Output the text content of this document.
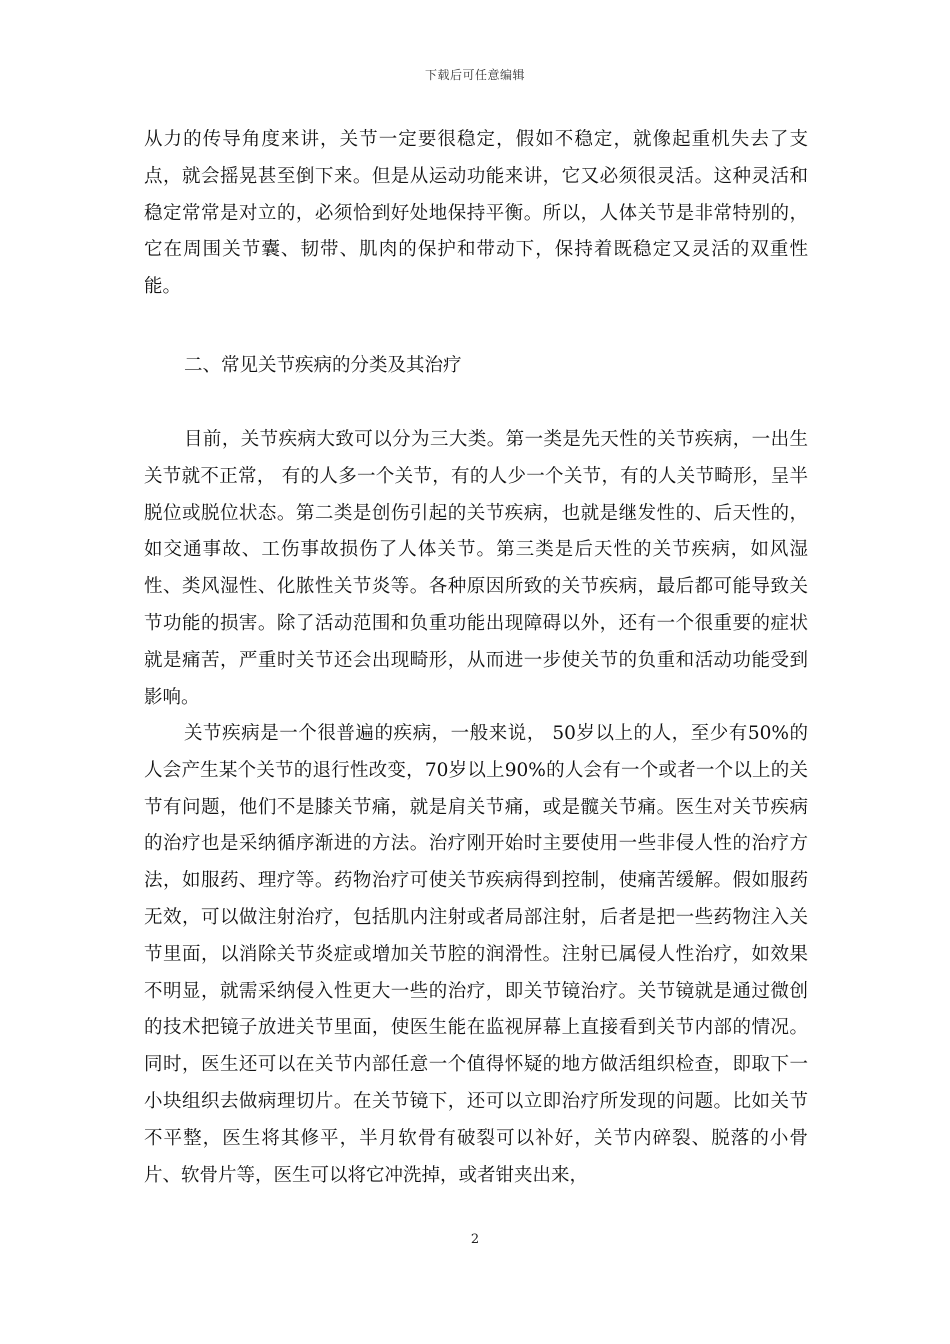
下载后可任意编辑

从力的传导角度来讲，关节一定要很稳定，假如不稳定，就像起重机失去了支点，就会摇晃甚至倒下来。但是从运动功能来讲，它又必须很灵活。这种灵活和稳定常常是对立的，必须恰到好处地保持平衡。所以，人体关节是非常特别的，它在周围关节囊、韧带、肌肉的保护和带动下，保持着既稳定又灵活的双重性能。

二、常见关节疾病的分类及其治疗

目前，关节疾病大致可以分为三大类。第一类是先天性的关节疾病，一出生关节就不正常， 有的人多一个关节，有的人少一个关节，有的人关节畸形，呈半脱位或脱位状态。第二类是创伤引起的关节疾病，也就是继发性的、后天性的，如交通事故、工伤事故损伤了人体关节。第三类是后天性的关节疾病，如风湿性、类风湿性、化脓性关节炎等。各种原因所致的关节疾病，最后都可能导致关节功能的损害。除了活动范围和负重功能出现障碍以外，还有一个很重要的症状就是痛苦，严重时关节还会出现畸形，从而进一步使关节的负重和活动功能受到影响。

关节疾病是一个很普遍的疾病，一般来说， 50岁以上的人，至少有50%的人会产生某个关节的退行性改变，70岁以上90%的人会有一个或者一个以上的关节有问题，他们不是膝关节痛，就是肩关节痛，或是髋关节痛。医生对关节疾病的治疗也是采纳循序渐进的方法。治疗刚开始时主要使用一些非侵人性的治疗方法，如服药、理疗等。药物治疗可使关节疾病得到控制，使痛苦缓解。假如服药无效，可以做注射治疗，包括肌内注射或者局部注射，后者是把一些药物注入关节里面，以消除关节炎症或增加关节腔的润滑性。注射已属侵人性治疗，如效果不明显，就需采纳侵入性更大一些的治疗，即关节镜治疗。关节镜就是通过微创的技术把镜子放进关节里面，使医生能在监视屏幕上直接看到关节内部的情况。同时，医生还可以在关节内部任意一个值得怀疑的地方做活组织检查，即取下一小块组织去做病理切片。在关节镜下，还可以立即治疗所发现的问题。比如关节不平整，医生将其修平，半月软骨有破裂可以补好，关节内碎裂、脱落的小骨片、软骨片等，医生可以将它冲洗掉，或者钳夹出来，

2
